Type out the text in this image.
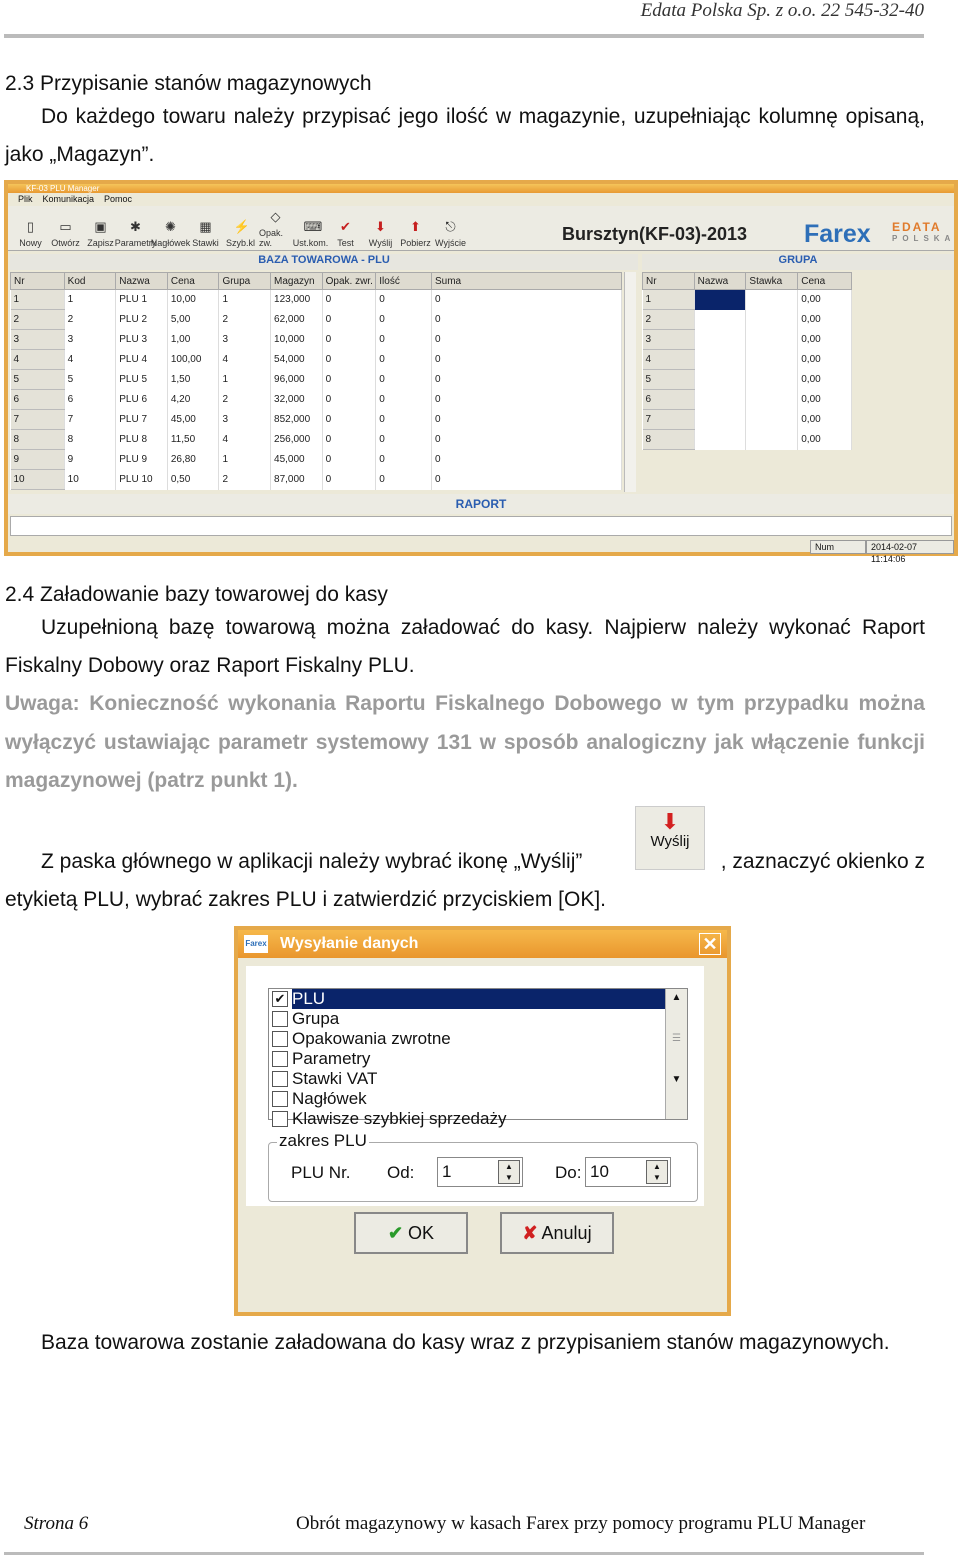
Edata Polska Sp. z o.o. 22 545-32-40
2.3 Przypisanie stanów magazynowych
Do każdego towaru należy przypisać jego ilość w magazynie, uzupełniając kolumnę opisaną, jako „Magazyn”.
KF-03 PLU Manager
Plik Komunikacja Pomoc
▯
Nowy
▭
Otwórz
▣
Zapisz
✱
Parametry
✺
Nagłówek
▦
Stawki
⚡
Szyb.kl
◇
Opak. zw.
⌨
Ust.kom.
✔
Test
⬇
Wyślij
⬆
Pobierz
⎋
Wyjście	Bursztyn(KF-03)-2013 Farex EDATA
POLSKA
BAZA TOWAROWA - PLU	GRUPA
Nr	Kod	Nazwa	Cena	Grupa	Magazyn	Opak. zwr.	Ilość	Suma
1	1	PLU 1	10,00	1	123,000	0	0	0
2	2	PLU 2	5,00	2	62,000	0	0	0
3	3	PLU 3	1,00	3	10,000	0	0	0
4	4	PLU 4	100,00	4	54,000	0	0	0
5	5	PLU 5	1,50	1	96,000	0	0	0
6	6	PLU 6	4,20	2	32,000	0	0	0
7	7	PLU 7	45,00	3	852,000	0	0	0
8	8	PLU 8	11,50	4	256,000	0	0	0
9	9	PLU 9	26,80	1	45,000	0	0	0
10	10	PLU 10	0,50	2	87,000	0	0	0
Nr	Nazwa	Stawka	Cena
1			0,00
2			0,00
3			0,00
4			0,00
5			0,00
6			0,00
7			0,00
8			0,00
RAPORT
Num	2014-02-07 11:14:06
2.4 Załadowanie bazy towarowej do kasy
Uzupełnioną bazę towarową można załadować do kasy. Najpierw należy wykonać Raport Fiskalny Dobowy oraz Raport Fiskalny PLU.
Uwaga: Konieczność wykonania Raportu Fiskalnego Dobowego w tym przypadku można wyłączyć ustawiając parametr systemowy 131 w sposób analogiczny jak włączenie funkcji magazynowej (patrz punkt 1).
Z paska głównego w aplikacji należy wybrać ikonę „Wyślij”
⬇
Wyślij
, zaznaczyć okienko z
etykietą PLU, wybrać zakres PLU i zatwierdzić przyciskiem [OK].
Farex Wysyłanie danych	✕
✔ PLU
Grupa
Opakowania zwrotne
Parametry
Stawki VAT
Nagłówek
Klawisze szybkiej sprzedaży
▲
☰
▼
zakres PLU
PLU Nr. Od: 1	▲
▼	Do: 10	▲
▼
✔ OK	✘ Anuluj
Baza towarowa zostanie załadowana do kasy wraz z przypisaniem stanów magazynowych.
Strona 6	Obrót magazynowy w kasach Farex przy pomocy programu PLU Manager
